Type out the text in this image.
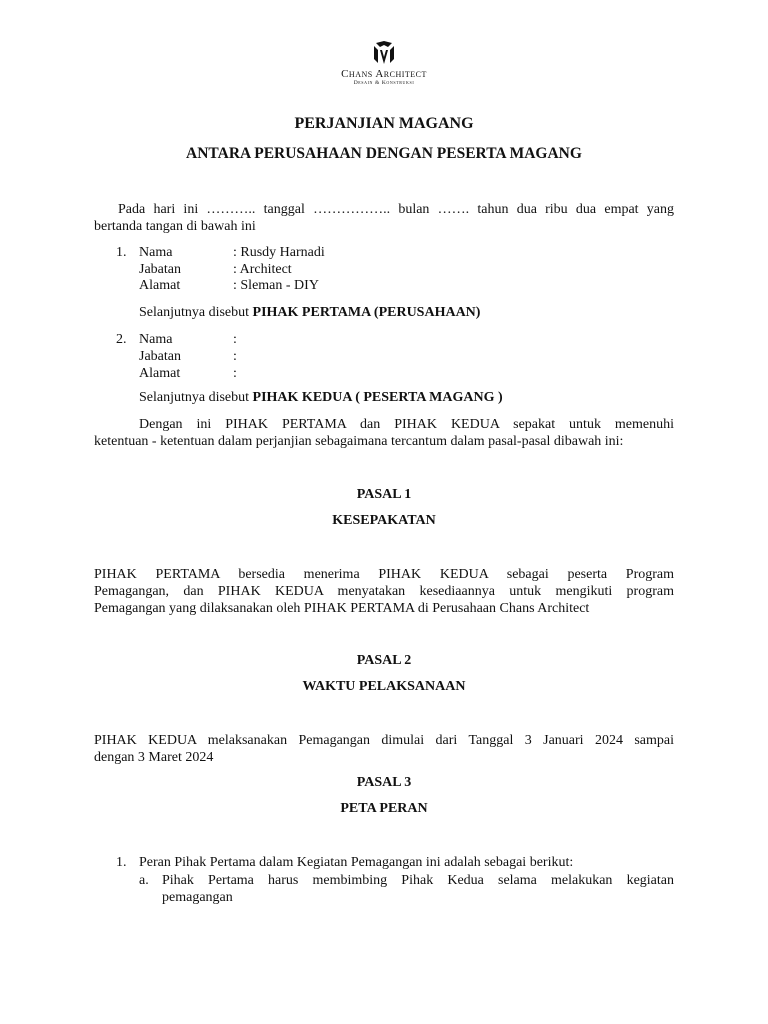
Chans Architect
Desain & Konstruksi
PERJANJIAN MAGANG
ANTARA PERUSAHAAN DENGAN PESERTA MAGANG
Pada hari ini ……….. tanggal …………….. bulan ……. tahun dua ribu dua empat yang
bertanda tangan di bawah ini
1. Nama	: Rusdy Harnadi
Jabatan	: Architect
Alamat	: Sleman - DIY
Selanjutnya disebut PIHAK PERTAMA (PERUSAHAAN)
2. Nama	:
Jabatan	:
Alamat	:
Selanjutnya disebut PIHAK KEDUA ( PESERTA MAGANG )
Dengan ini PIHAK PERTAMA dan PIHAK KEDUA sepakat untuk memenuhi
ketentuan - ketentuan dalam perjanjian sebagaimana tercantum dalam pasal-pasal dibawah ini:
PASAL 1
KESEPAKATAN
PIHAK PERTAMA bersedia menerima PIHAK KEDUA sebagai peserta Program
Pemagangan, dan PIHAK KEDUA menyatakan kesediaannya untuk mengikuti program
Pemagangan yang dilaksanakan oleh PIHAK PERTAMA di Perusahaan Chans Architect
PASAL 2
WAKTU PELAKSANAAN
PIHAK KEDUA melaksanakan Pemagangan dimulai dari Tanggal 3 Januari 2024 sampai
dengan 3 Maret 2024
PASAL 3
PETA PERAN
1. Peran Pihak Pertama dalam Kegiatan Pemagangan ini adalah sebagai berikut:
a. Pihak Pertama harus membimbing Pihak Kedua selama melakukan kegiatan
pemagangan
